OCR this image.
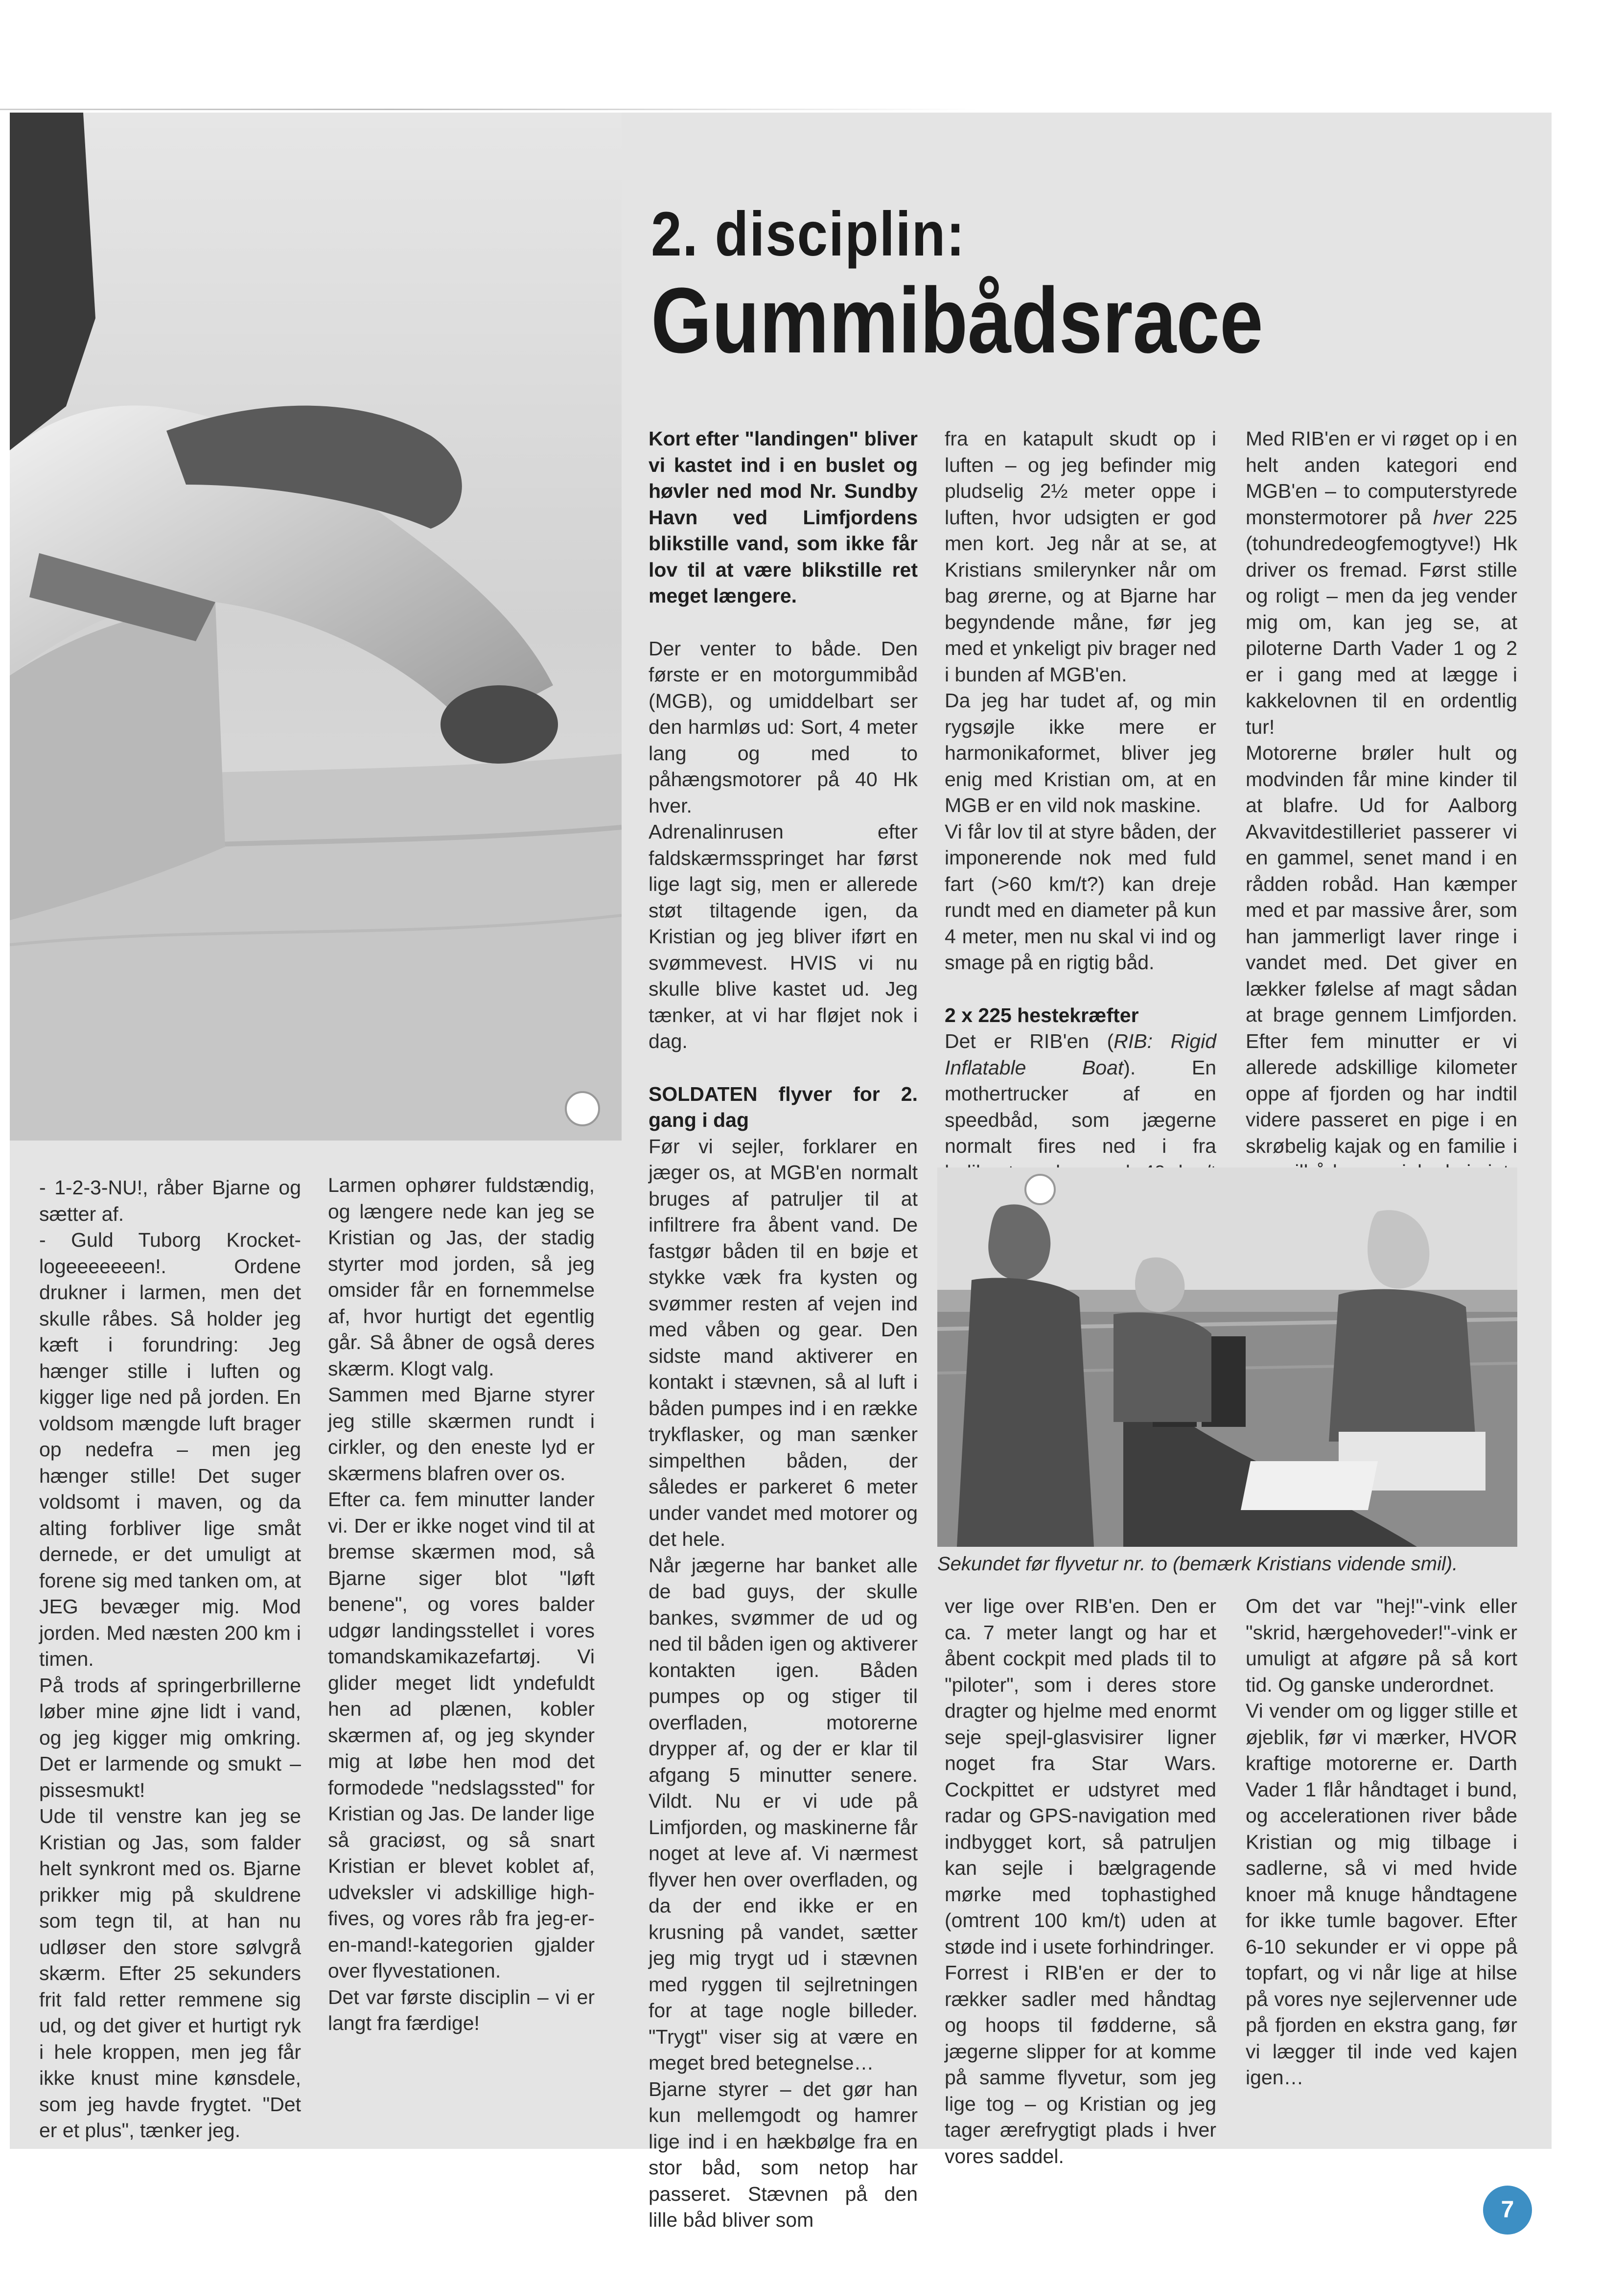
2. disciplin:
Gummibådsrace

- 1-2-3-NU!, råber Bjarne og sætter af.

- Guld Tuborg Krocket-logeeeeeeen!. Ordene drukner i larmen, men det skulle råbes. Så holder jeg kæft i forundring: Jeg hænger stille i luften og kigger lige ned på jorden. En voldsom mængde luft brager op nedefra – men jeg hænger stille! Det suger voldsomt i maven, og da alting forbliver lige småt dernede, er det umuligt at forene sig med tanken om, at JEG bevæger mig. Mod jorden. Med næsten 200 km i timen.

På trods af springerbrillerne løber mine øjne lidt i vand, og jeg kigger mig omkring. Det er larmende og smukt – pissesmukt!

Ude til venstre kan jeg se Kristian og Jas, som falder helt synkront med os. Bjarne prikker mig på skuldrene som tegn til, at han nu udløser den store sølvgrå skærm. Efter 25 sekunders frit fald retter remmene sig ud, og det giver et hurtigt ryk i hele kroppen, men jeg får ikke knust mine kønsdele, som jeg havde frygtet. "Det er et plus", tænker jeg.

Larmen ophører fuldstændig, og længere nede kan jeg se Kristian og Jas, der stadig styrter mod jorden, så jeg omsider får en fornemmelse af, hvor hurtigt det egentlig går. Så åbner de også deres skærm. Klogt valg.

Sammen med Bjarne styrer jeg stille skærmen rundt i cirkler, og den eneste lyd er skærmens blafren over os.

Efter ca. fem minutter lander vi. Der er ikke noget vind til at bremse skærmen mod, så Bjarne siger blot "løft benene", og vores balder udgør landingsstellet i vores tomandskamikazefartøj. Vi glider meget lidt yndefuldt hen ad plænen, kobler skærmen af, og jeg skynder mig at løbe hen mod det formodede "nedslagssted" for Kristian og Jas. De lander lige så graciøst, og så snart Kristian er blevet koblet af, udveksler vi adskillige high-fives, og vores råb fra jeg-er-en-mand!-kategorien gjalder over flyvestationen.

Det var første disciplin – vi er langt fra færdige!

Kort efter "landingen" bliver vi kastet ind i en buslet og høvler ned mod Nr. Sundby Havn ved Limfjordens blikstille vand, som ikke får lov til at være blikstille ret meget længere.

Der venter to både. Den første er en motorgummibåd (MGB), og umiddelbart ser den harmløs ud: Sort, 4 meter lang og med to påhængsmotorer på 40 Hk hver.

Adrenalinrusen efter faldskærmsspringet har først lige lagt sig, men er allerede støt tiltagende igen, da Kristian og jeg bliver iført en svømmevest. HVIS vi nu skulle blive kastet ud. Jeg tænker, at vi har fløjet nok i dag.

SOLDATEN flyver for 2. gang i dag

Før vi sejler, forklarer en jæger os, at MGB'en normalt bruges af patruljer til at infiltrere fra åbent vand. De fastgør båden til en bøje et stykke væk fra kysten og svømmer resten af vejen ind med våben og gear. Den sidste mand aktiverer en kontakt i stævnen, så al luft i båden pumpes ind i en række trykflasker, og man sænker simpelthen båden, der således er parkeret 6 meter under vandet med motorer og det hele.

Når jægerne har banket alle de bad guys, der skulle bankes, svømmer de ud og ned til båden igen og aktiverer kontakten igen. Båden pumpes op og stiger til overfladen, motorerne drypper af, og der er klar til afgang 5 minutter senere. Vildt. Nu er vi ude på Limfjorden, og maskinerne får noget at leve af. Vi nærmest flyver hen over overfladen, og da der end ikke er en krusning på vandet, sætter jeg mig trygt ud i stævnen med ryggen til sejlretningen for at tage nogle billeder. "Trygt" viser sig at være en meget bred betegnelse…

Bjarne styrer – det gør han kun mellemgodt og hamrer lige ind i en hækbølge fra en stor båd, som netop har passeret. Stævnen på den lille båd bliver som

fra en katapult skudt op i luften – og jeg befinder mig pludselig 2½ meter oppe i luften, hvor udsigten er god men kort. Jeg når at se, at Kristians smilerynker når om bag ørerne, og at Bjarne har begyndende måne, før jeg med et ynkeligt piv brager ned i bunden af MGB'en.

Da jeg har tudet af, og min rygsøjle ikke mere er harmonikaformet, bliver jeg enig med Kristian om, at en MGB er en vild nok maskine.

Vi får lov til at styre båden, der imponerende nok med fuld fart (>60 km/t?) kan dreje rundt med en diameter på kun 4 meter, men nu skal vi ind og smage på en rigtig båd.

2 x 225 hestekræfter

Det er RIB'en (RIB: Rigid Inflatable Boat). En mothertrucker af en speedbåd, som jægerne normalt fires ned i fra

Med RIB'en er vi røget op i en helt anden kategori end MGB'en – to computerstyrede monstermotorer på hver 225 (tohundredeogfemogtyve!) Hk driver os fremad. Først stille og roligt – men da jeg vender mig om, kan jeg se, at piloterne Darth Vader 1 og 2 er i gang med at lægge i kakkelovnen til en ordentlig tur!

Motorerne brøler hult og modvinden får mine kinder til at blafre. Ud for Aalborg Akvavitdestilleriet passerer vi en gammel, senet mand i en rådden robåd. Han kæmper med et par massive årer, som han jammerligt laver ringe i vandet med. Det giver en lækker følelse af magt sådan at brage gennem Limfjorden. Efter fem minutter er vi allerede adskillige kilometer oppe af fjorden og har indtil videre passeret en pige i en skrøbelig kajak og en familie i

Sekundet før flyvetur nr. to (bemærk Kristians vidende smil).

ver lige over RIB'en. Den er ca. 7 meter langt og har et åbent cockpit med plads til to "piloter", som i deres store dragter og hjelme med enormt seje spejl-glasvisirer ligner noget fra Star Wars. Cockpittet er udstyret med radar og GPS-navigation med indbygget kort, så patruljen kan sejle i bælgragende mørke med tophastighed (omtrent 100 km/t) uden at støde ind i usete forhindringer.

Forrest i RIB'en er der to rækker sadler med håndtag og hoops til fødderne, så jægerne slipper for at komme på samme flyvetur, som jeg lige tog – og Kristian og jeg tager ærefrygtigt plads i hver vores saddel.

Om det var "hej!"-vink eller "skrid, hærgehoveder!"-vink er umuligt at afgøre på så kort tid. Og ganske underordnet.

Vi vender om og ligger stille et øjeblik, før vi mærker, HVOR kraftige motorerne er. Darth Vader 1 flår håndtaget i bund, og accelerationen river både Kristian og mig tilbage i sadlerne, så vi med hvide knoer må knuge håndtagene for ikke tumle bagover. Efter 6-10 sekunder er vi oppe på topfart, og vi når lige at hilse på vores nye sejlervenner ude på fjorden en ekstra gang, før vi lægger til inde ved kajen igen…

7
